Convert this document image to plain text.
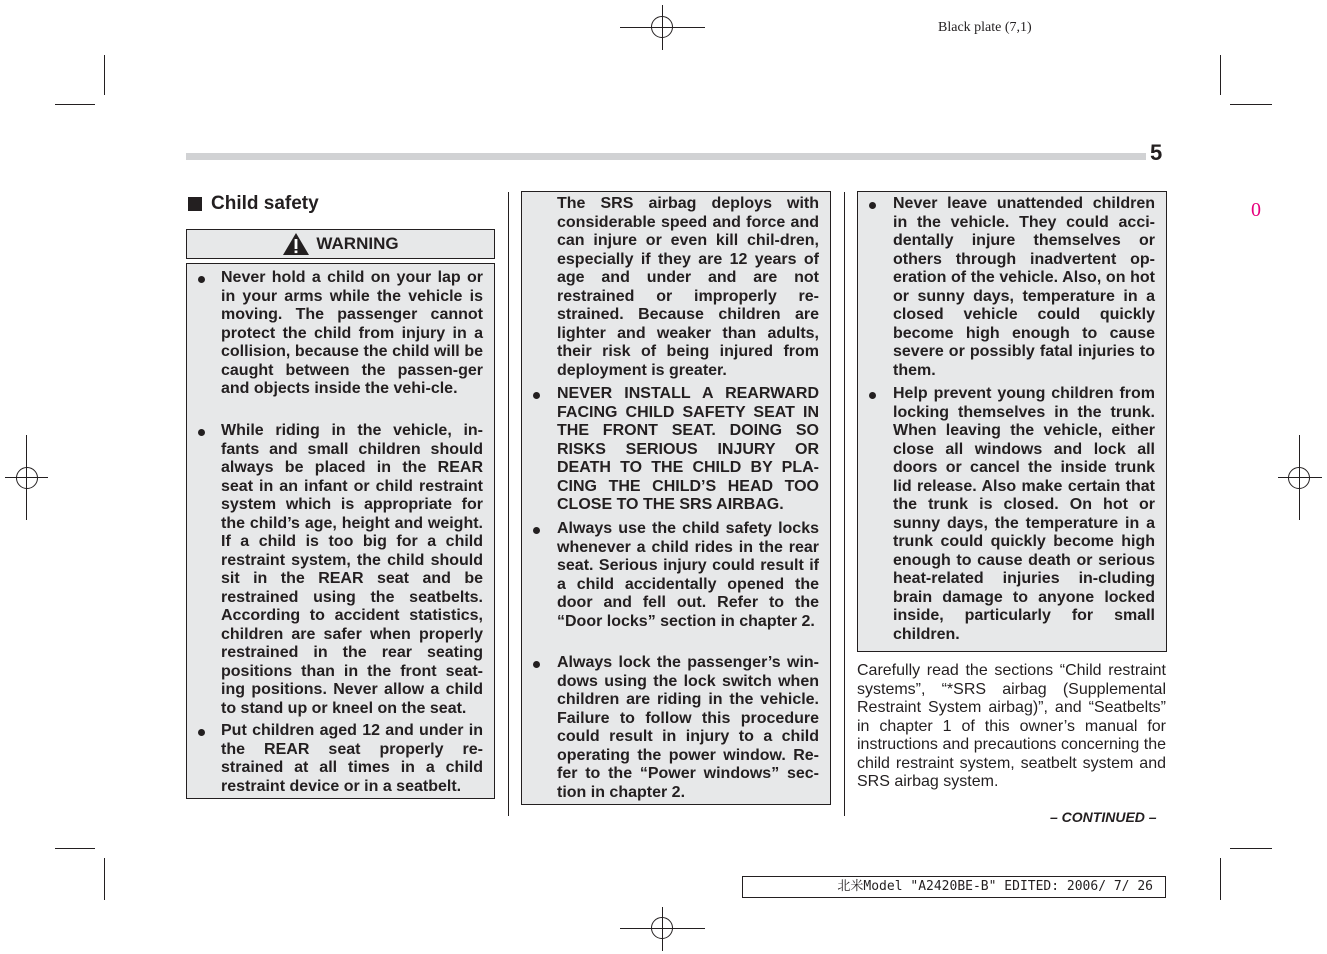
Black plate (7,1)
5
0
Child safety
WARNING

Never hold a child on your lap or in your arms while the vehicle is moving. The passenger cannot protect the child from injury in a collision, because the child will be caught between the passen-ger and objects inside the vehi-cle.

While riding in the vehicle, in-fants and small children should always be placed in the REAR seat in an infant or child restraint system which is appropriate for the child’s age, height and weight. If a child is too big for a child restraint system, the child should sit in the REAR seat and be restrained using the seatbelts. According to accident statistics, children are safer when properly restrained in the rear seating positions than in the front seat-ing positions. Never allow a child to stand up or kneel on the seat.

Put children aged 12 and under in the REAR seat properly re-strained at all times in a child restraint device or in a seatbelt.

The SRS airbag deploys with considerable speed and force and can injure or even kill chil-dren, especially if they are 12 years of age and under and are not restrained or improperly re-strained. Because children are lighter and weaker than adults, their risk of being injured from deployment is greater.

NEVER INSTALL A REARWARD FACING CHILD SAFETY SEAT IN THE FRONT SEAT. DOING SO RISKS SERIOUS INJURY OR DEATH TO THE CHILD BY PLA-CING THE CHILD’S HEAD TOO CLOSE TO THE SRS AIRBAG.

Always use the child safety locks whenever a child rides in the rear seat. Serious injury could result if a child accidentally opened the door and fell out. Refer to the “Door locks” section in chapter 2.

Always lock the passenger’s win-dows using the lock switch when children are riding in the vehicle. Failure to follow this procedure could result in injury to a child operating the power window. Re-fer to the “Power windows” sec-tion in chapter 2.

Never leave unattended children in the vehicle. They could acci-dentally injure themselves or others through inadvertent op-eration of the vehicle. Also, on hot or sunny days, temperature in a closed vehicle could quickly become high enough to cause severe or possibly fatal injuries to them.

Help prevent young children from locking themselves in the trunk. When leaving the vehicle, either close all windows and lock all doors or cancel the inside trunk lid release. Also make certain that the trunk is closed. On hot or sunny days, the temperature in a trunk could quickly become high enough to cause death or serious heat-related injuries in-cluding brain damage to anyone locked inside, particularly for small children.

Carefully read the sections “Child restraint systems”, “*SRS airbag (Supplemental Restraint System airbag)”, and “Seatbelts” in chapter 1 of this owner’s manual for instructions and precautions concerning the child restraint system, seatbelt system and SRS airbag system.

– CONTINUED –
北米Model "A2420BE-B" EDITED: 2006/ 7/ 26
